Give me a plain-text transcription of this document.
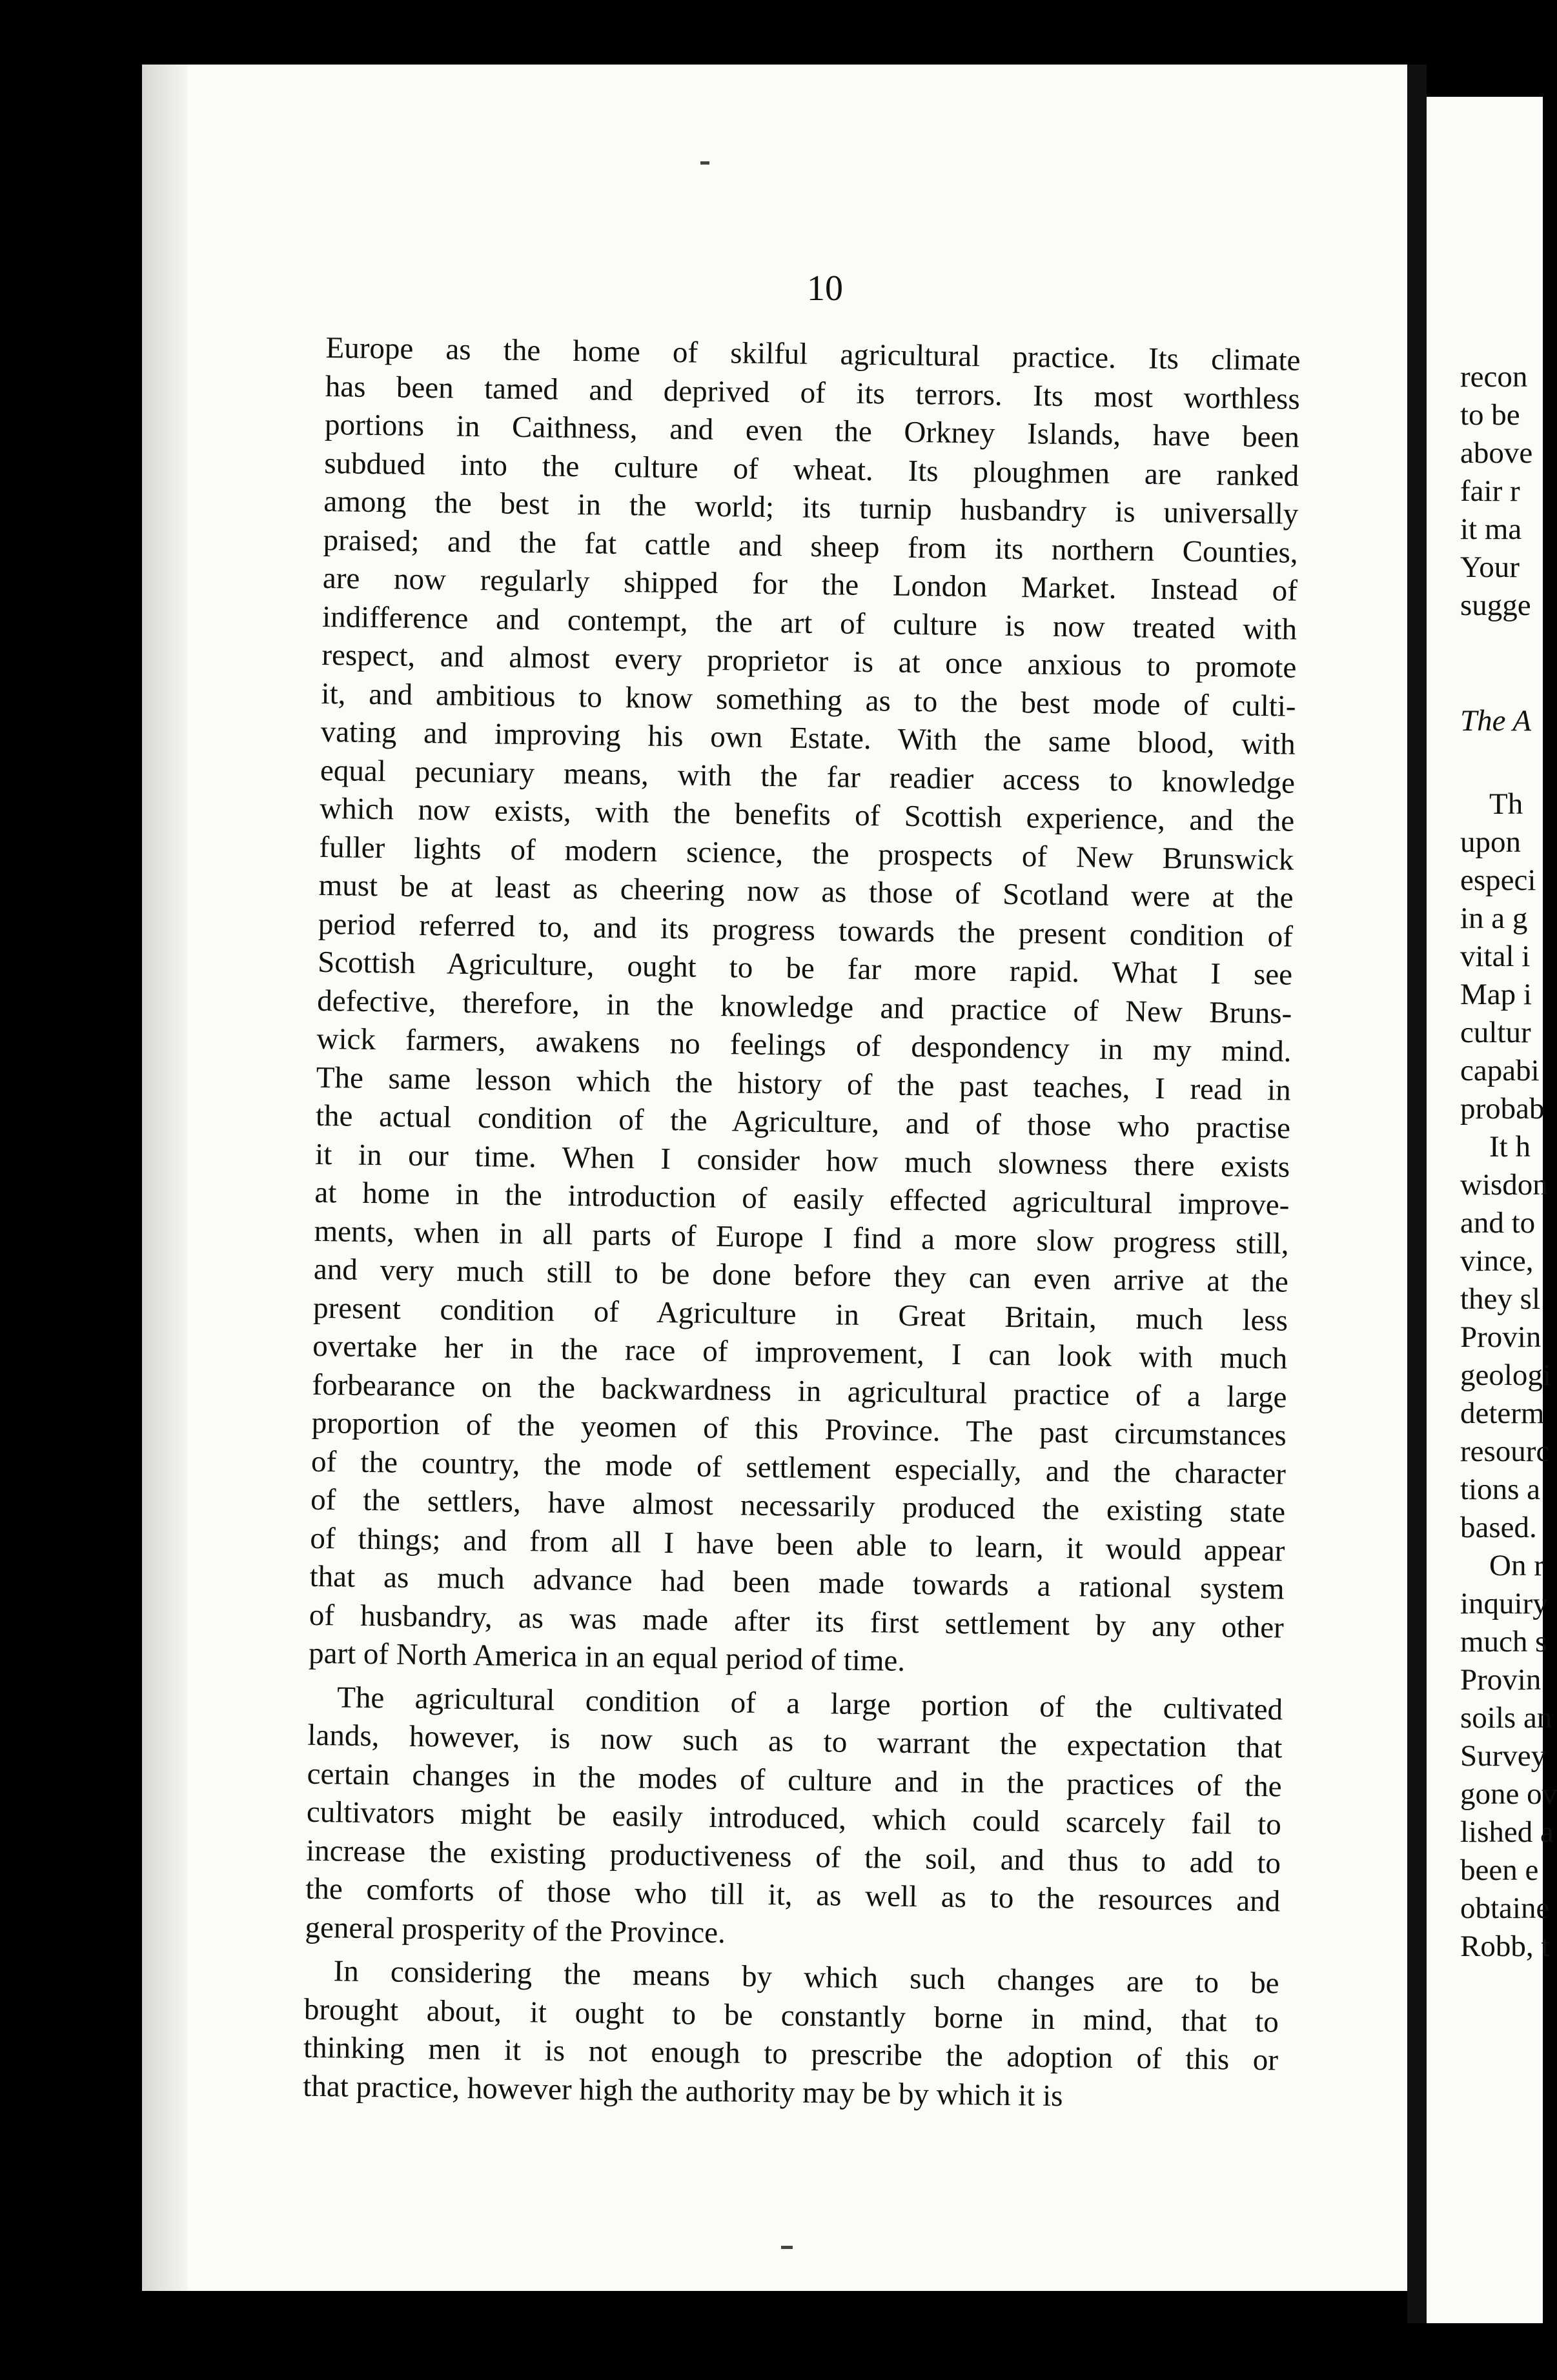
10
Europe as the home of skilful agricultural practice. Its climate
has been tamed and deprived of its terrors. Its most worthless
portions in Caithness, and even the Orkney Islands, have been
subdued into the culture of wheat. Its ploughmen are ranked
among the best in the world; its turnip husbandry is universally
praised; and the fat cattle and sheep from its northern Counties,
are now regularly shipped for the London Market. Instead of
indifference and contempt, the art of culture is now treated with
respect, and almost every proprietor is at once anxious to promote
it, and ambitious to know something as to the best mode of culti-
vating and improving his own Estate. With the same blood, with
equal pecuniary means, with the far readier access to knowledge
which now exists, with the benefits of Scottish experience, and the
fuller lights of modern science, the prospects of New Brunswick
must be at least as cheering now as those of Scotland were at the
period referred to, and its progress towards the present condition of
Scottish Agriculture, ought to be far more rapid. What I see
defective, therefore, in the knowledge and practice of New Bruns-
wick farmers, awakens no feelings of despondency in my mind.
The same lesson which the history of the past teaches, I read in
the actual condition of the Agriculture, and of those who practise
it in our time. When I consider how much slowness there exists
at home in the introduction of easily effected agricultural improve-
ments, when in all parts of Europe I find a more slow progress still,
and very much still to be done before they can even arrive at the
present condition of Agriculture in Great Britain, much less
overtake her in the race of improvement, I can look with much
forbearance on the backwardness in agricultural practice of a large
proportion of the yeomen of this Province. The past circumstances
of the country, the mode of settlement especially, and the character
of the settlers, have almost necessarily produced the existing state
of things; and from all I have been able to learn, it would appear
that as much advance had been made towards a rational system
of husbandry, as was made after its first settlement by any other
part of North America in an equal period of time.
The agricultural condition of a large portion of the cultivated
lands, however, is now such as to warrant the expectation that
certain changes in the modes of culture and in the practices of the
cultivators might be easily introduced, which could scarcely fail to
increase the existing productiveness of the soil, and thus to add to
the comforts of those who till it, as well as to the resources and
general prosperity of the Province.
In considering the means by which such changes are to be
brought about, it ought to be constantly borne in mind, that to
thinking men it is not enough to prescribe the adoption of this or
that practice, however high the authority may be by which it is
recon
to be
above
fair r
it ma
Your
sugge
The A
Th
upon
especi
in a g
vital i
Map i
cultur
capabi
probab
It h
wisdon
and to
vince,
they sl
Provin
geologi
determ
resourc
tions a
based.
On r
inquiry
much s
Provin
soils an
Survey
gone ov
lished a
been e
obtaine
Robb, t
